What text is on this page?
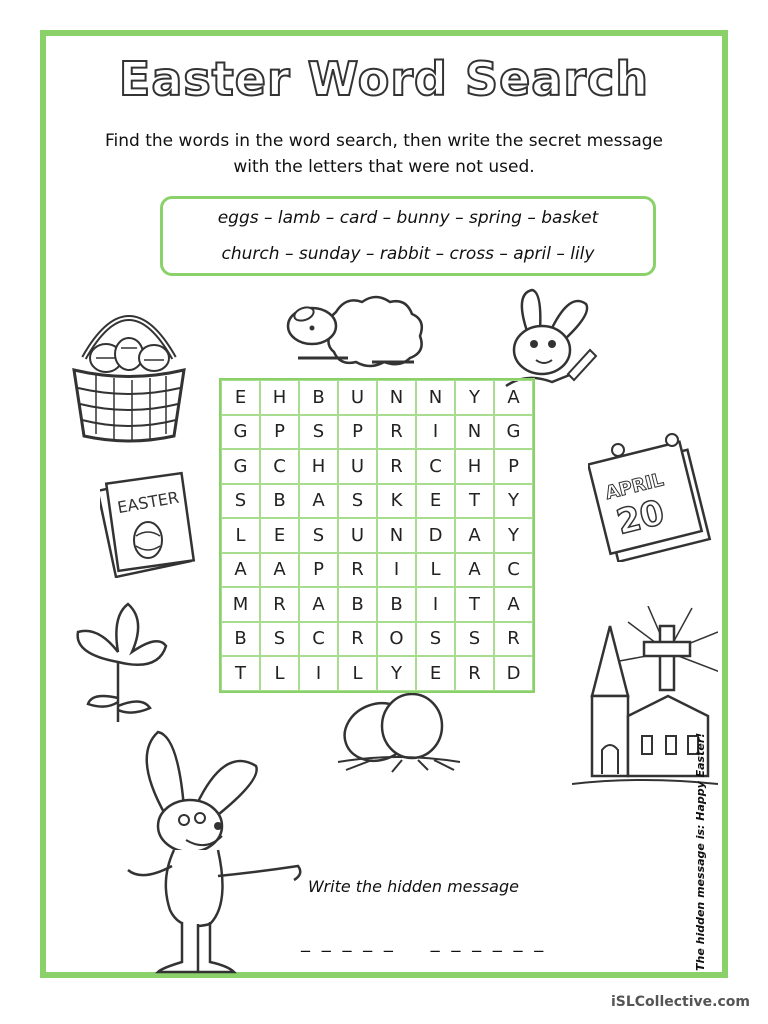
Easter Word Search
Find the words in the word search, then write the secret message
with the letters that were not used.
eggs – lamb – card – bunny – spring – basket
church – sunday – rabbit – cross – april – lily
EASTER	APRIL
20
Write the hidden message
_ _ _ _ _ _ _ _ _ _ _	The hidden message is: Happy Easter!
E	H	B	U	N	N	Y	A
G	P	S	P	R	I	N	G
G	C	H	U	R	C	H	P
S	B	A	S	K	E	T	Y
L	E	S	U	N	D	A	Y
A	A	P	R	I	L	A	C
M	R	A	B	B	I	T	A
B	S	C	R	O	S	S	R
T	L	I	L	Y	E	R	D
iSLCollective.com
